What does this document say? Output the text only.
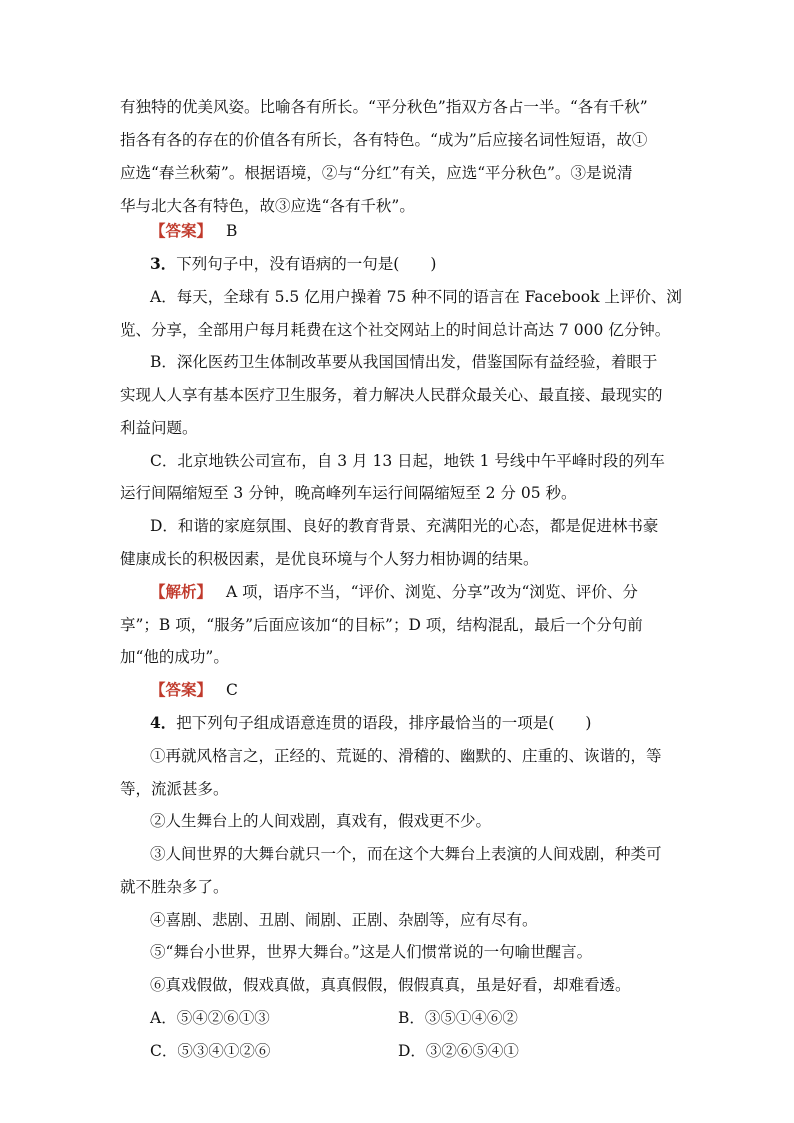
有独特的优美风姿。比喻各有所长。“平分秋色”指双方各占一半。“各有千秋”
指各有各的存在的价值各有所长，各有特色。“成为”后应接名词性短语，故①
应选“春兰秋菊”。根据语境，②与“分红”有关，应选“平分秋色”。③是说清
华与北大各有特色，故③应选“各有千秋”。
【答案】 B
3．下列句子中，没有语病的一句是(　　)
A．每天，全球有 5.5 亿用户操着 75 种不同的语言在 Facebook 上评价、浏
览、分享，全部用户每月耗费在这个社交网站上的时间总计高达 7 000 亿分钟。
B．深化医药卫生体制改革要从我国国情出发，借鉴国际有益经验，着眼于
实现人人享有基本医疗卫生服务，着力解决人民群众最关心、最直接、最现实的
利益问题。
C．北京地铁公司宣布，自 3 月 13 日起，地铁 1 号线中午平峰时段的列车
运行间隔缩短至 3 分钟，晚高峰列车运行间隔缩短至 2 分 05 秒。
D．和谐的家庭氛围、良好的教育背景、充满阳光的心态，都是促进林书豪
健康成长的积极因素，是优良环境与个人努力相协调的结果。
【解析】 A 项，语序不当，“评价、浏览、分享”改为“浏览、评价、分
享”；B 项，“服务”后面应该加“的目标”；D 项，结构混乱，最后一个分句前
加“他的成功”。
【答案】 C
4．把下列句子组成语意连贯的语段，排序最恰当的一项是(　　)
①再就风格言之，正经的、荒诞的、滑稽的、幽默的、庄重的、诙谐的，等
等，流派甚多。
②人生舞台上的人间戏剧，真戏有，假戏更不少。
③人间世界的大舞台就只一个，而在这个大舞台上表演的人间戏剧，种类可
就不胜杂多了。
④喜剧、悲剧、丑剧、闹剧、正剧、杂剧等，应有尽有。
⑤“舞台小世界，世界大舞台。”这是人们惯常说的一句喻世醒言。
⑥真戏假做，假戏真做，真真假假，假假真真，虽是好看，却难看透。
A．⑤④②⑥①③	B．③⑤①④⑥②
C．⑤③④①②⑥	D．③②⑥⑤④①
